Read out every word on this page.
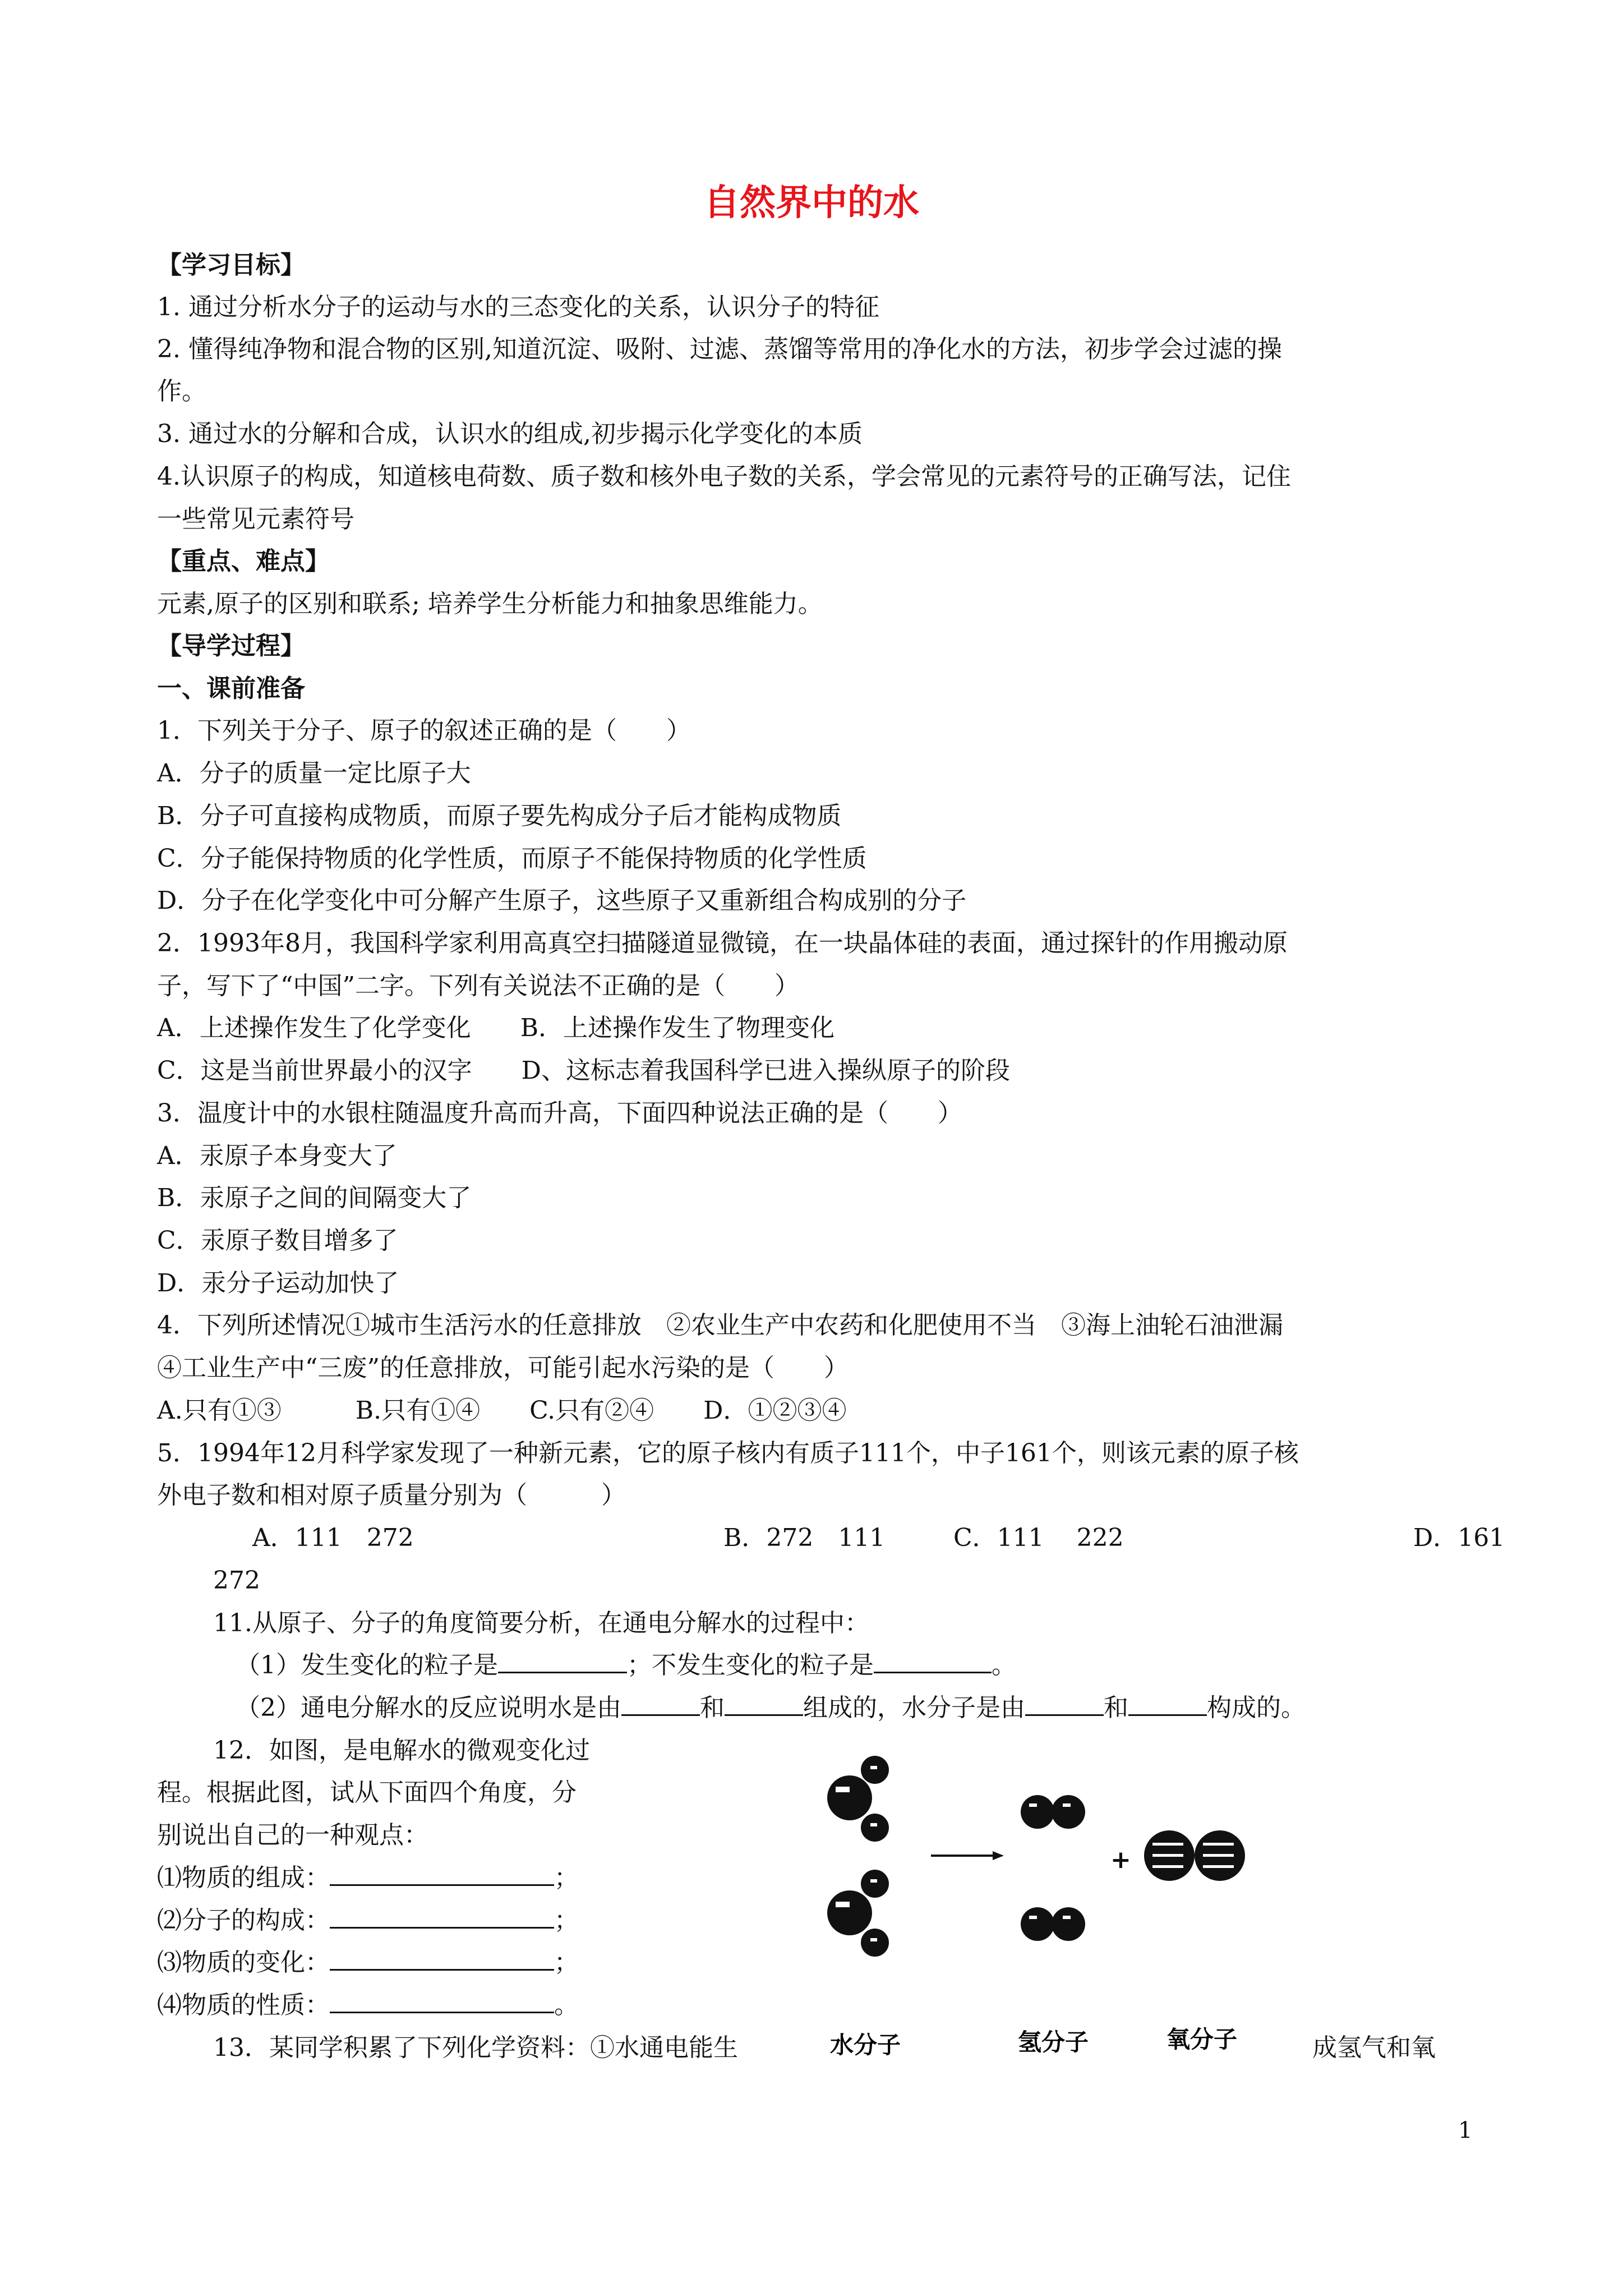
自然界中的水
【学习目标】
1. 通过分析水分子的运动与水的三态变化的关系，认识分子的特征
2. 懂得纯净物和混合物的区别,知道沉淀、吸附、过滤、蒸馏等常用的净化水的方法，初步学会过滤的操
作。
3. 通过水的分解和合成，认识水的组成,初步揭示化学变化的本质
4.认识原子的构成，知道核电荷数、质子数和核外电子数的关系，学会常见的元素符号的正确写法，记住
一些常见元素符号
【重点、难点】
元素,原子的区别和联系; 培养学生分析能力和抽象思维能力。
【导学过程】
一、课前准备
1．下列关于分子、原子的叙述正确的是（　　）
A．分子的质量一定比原子大
B．分子可直接构成物质，而原子要先构成分子后才能构成物质
C．分子能保持物质的化学性质，而原子不能保持物质的化学性质
D．分子在化学变化中可分解产生原子，这些原子又重新组合构成别的分子
2．1993年8月，我国科学家利用高真空扫描隧道显微镜，在一块晶体硅的表面，通过探针的作用搬动原
子，写下了“中国”二字。下列有关说法不正确的是（　　）
A．上述操作发生了化学变化　　B．上述操作发生了物理变化
C．这是当前世界最小的汉字　　D、这标志着我国科学已进入操纵原子的阶段
3．温度计中的水银柱随温度升高而升高，下面四种说法正确的是（　　）
A．汞原子本身变大了
B．汞原子之间的间隔变大了
C．汞原子数目增多了
D．汞分子运动加快了
4．下列所述情况①城市生活污水的任意排放　②农业生产中农药和化肥使用不当　③海上油轮石油泄漏
④工业生产中“三废”的任意排放，可能引起水污染的是（　　）
A.只有①③　　　B.只有①④　　C.只有②④　　D．①②③④
5．1994年12月科学家发现了一种新元素，它的原子核内有质子111个，中子161个，则该元素的原子核
外电子数和相对原子质量分别为（　　　）
A．111　272	B．272　111	C．111　 222	D．161
272
11.从原子、分子的角度简要分析，在通电分解水的过程中：
（1）发生变化的粒子是	；不发生变化的粒子是	。
（2）通电分解水的反应说明水是由	和	组成的，水分子是由	和	构成的。
12．如图，是电解水的微观变化过
程。根据此图，试从下面四个角度，分
别说出自己的一种观点：
⑴物质的组成：	；
⑵分子的构成：	；
⑶物质的变化：	；
⑷物质的性质：	。
13．某同学积累了下列化学资料：①水通电能生	成氢气和氧
+
水分子	氢分子	氧分子
1
